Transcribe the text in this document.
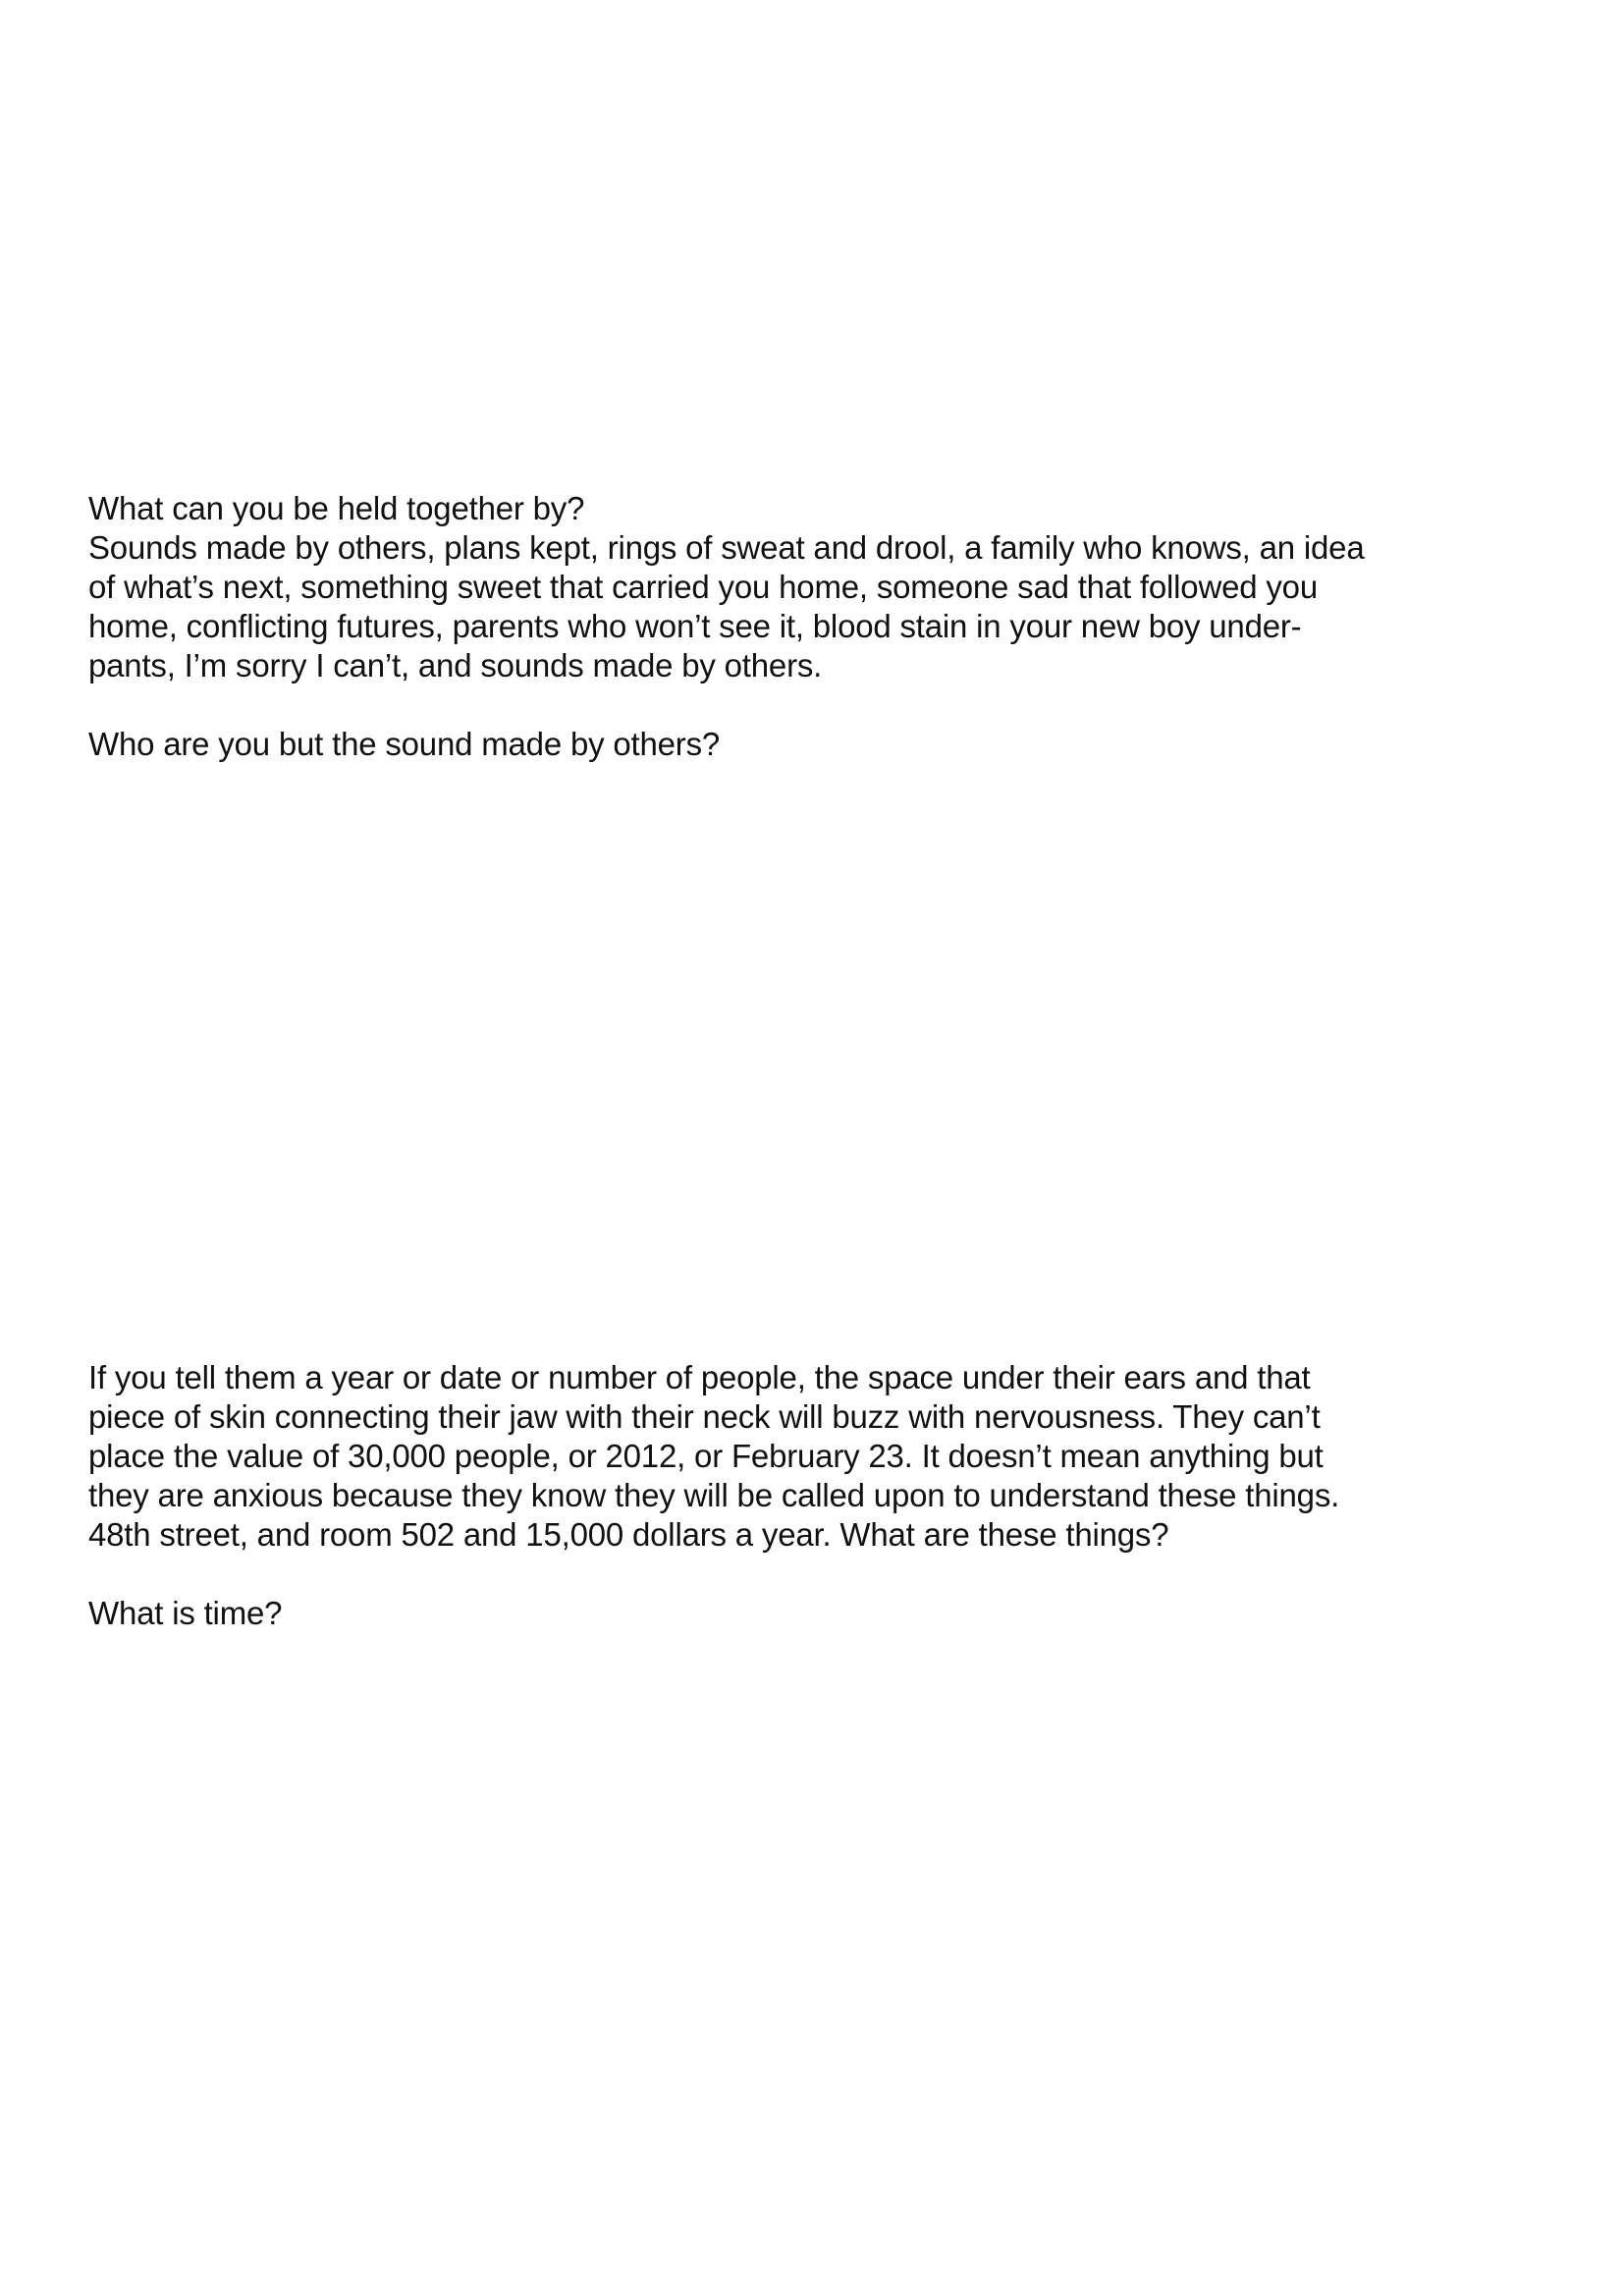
What can you be held together by?

Sounds made by others, plans kept, rings of sweat and drool, a family who knows, an idea

of what’s next, something sweet that carried you home, someone sad that followed you

home, conflicting futures, parents who won’t see it, blood stain in your new boy under-

pants, I’m sorry I can’t, and sounds made by others.

Who are you but the sound made by others?

If you tell them a year or date or number of people, the space under their ears and that

piece of skin connecting their jaw with their neck will buzz with nervousness. They can’t

place the value of 30,000 people, or 2012, or February 23. It doesn’t mean anything but

they are anxious because they know they will be called upon to understand these things.

48th street, and room 502 and 15,000 dollars a year. What are these things?

What is time?
